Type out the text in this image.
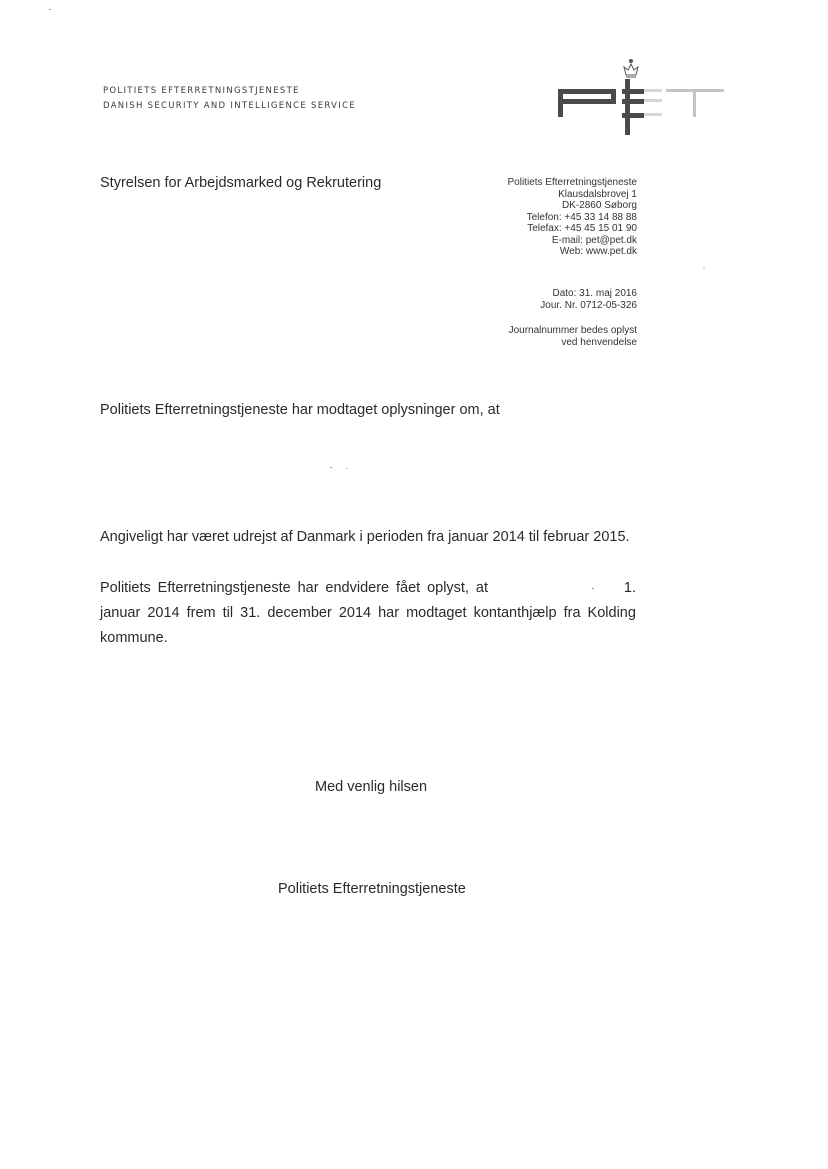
POLITIETS EFTERRETNINGSTJENESTE
DANISH SECURITY AND INTELLIGENCE SERVICE
Styrelsen for Arbejdsmarked og Rekrutering	Politiets Efterretningstjeneste
Klausdalsbrovej 1
DK-2860 Søborg
Telefon: +45 33 14 88 88
Telefax: +45 45 15 01 90
E-mail: pet@pet.dk
Web: www.pet.dk
Dato: 31. maj 2016
Jour. Nr. 0712-05-326
Journalnummer bedes oplyst
ved henvendelse
Politiets Efterretningstjeneste har modtaget oplysninger om, at
Angiveligt har været udrejst af Danmark i perioden fra januar 2014 til februar 2015.
Politiets Efterretningstjeneste har endvidere fået oplyst, at	1.
januar 2014 frem til 31. december 2014 har modtaget kontanthjælp fra Kolding
kommune.
Med venlig hilsen
Politiets Efterretningstjeneste
